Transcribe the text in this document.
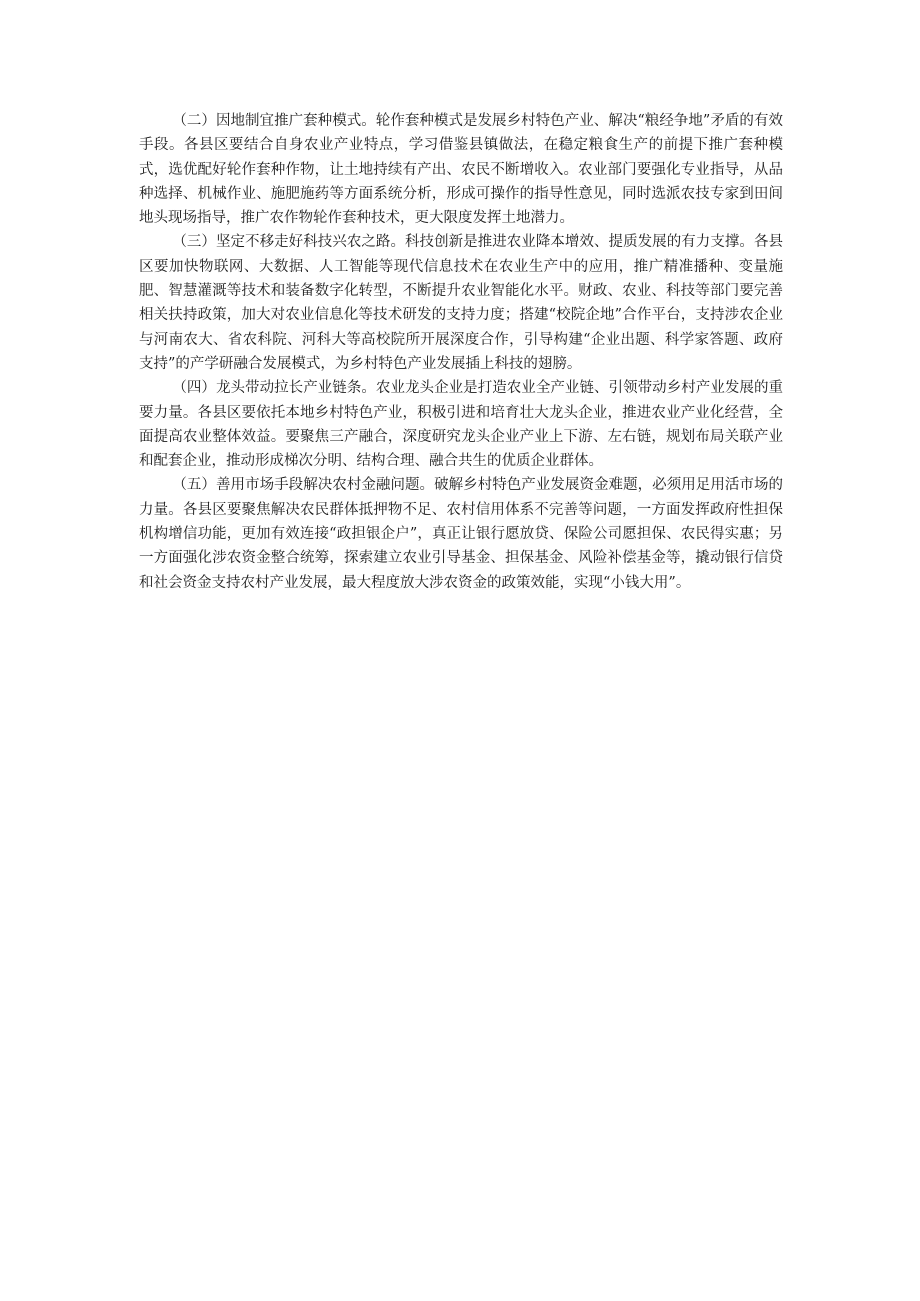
（二）因地制宜推广套种模式。轮作套种模式是发展乡村特色产业、解决“粮经争地”矛盾的有效手段。各县区要结合自身农业产业特点，学习借鉴县镇做法，在稳定粮食生产的前提下推广套种模式，选优配好轮作套种作物，让土地持续有产出、农民不断增收入。农业部门要强化专业指导，从品种选择、机械作业、施肥施药等方面系统分析，形成可操作的指导性意见，同时选派农技专家到田间地头现场指导，推广农作物轮作套种技术，更大限度发挥土地潜力。

（三）坚定不移走好科技兴农之路。科技创新是推进农业降本增效、提质发展的有力支撑。各县区要加快物联网、大数据、人工智能等现代信息技术在农业生产中的应用，推广精准播种、变量施肥、智慧灌溉等技术和装备数字化转型，不断提升农业智能化水平。财政、农业、科技等部门要完善相关扶持政策，加大对农业信息化等技术研发的支持力度；搭建“校院企地”合作平台，支持涉农企业与河南农大、省农科院、河科大等高校院所开展深度合作，引导构建“企业出题、科学家答题、政府支持”的产学研融合发展模式，为乡村特色产业发展插上科技的翅膀。

（四）龙头带动拉长产业链条。农业龙头企业是打造农业全产业链、引领带动乡村产业发展的重要力量。各县区要依托本地乡村特色产业，积极引进和培育壮大龙头企业，推进农业产业化经营，全面提高农业整体效益。要聚焦三产融合，深度研究龙头企业产业上下游、左右链，规划布局关联产业和配套企业，推动形成梯次分明、结构合理、融合共生的优质企业群体。

（五）善用市场手段解决农村金融问题。破解乡村特色产业发展资金难题，必须用足用活市场的力量。各县区要聚焦解决农民群体抵押物不足、农村信用体系不完善等问题，一方面发挥政府性担保机构增信功能，更加有效连接“政担银企户”，真正让银行愿放贷、保险公司愿担保、农民得实惠；另一方面强化涉农资金整合统筹，探索建立农业引导基金、担保基金、风险补偿基金等，撬动银行信贷和社会资金支持农村产业发展，最大程度放大涉农资金的政策效能，实现“小钱大用”。
